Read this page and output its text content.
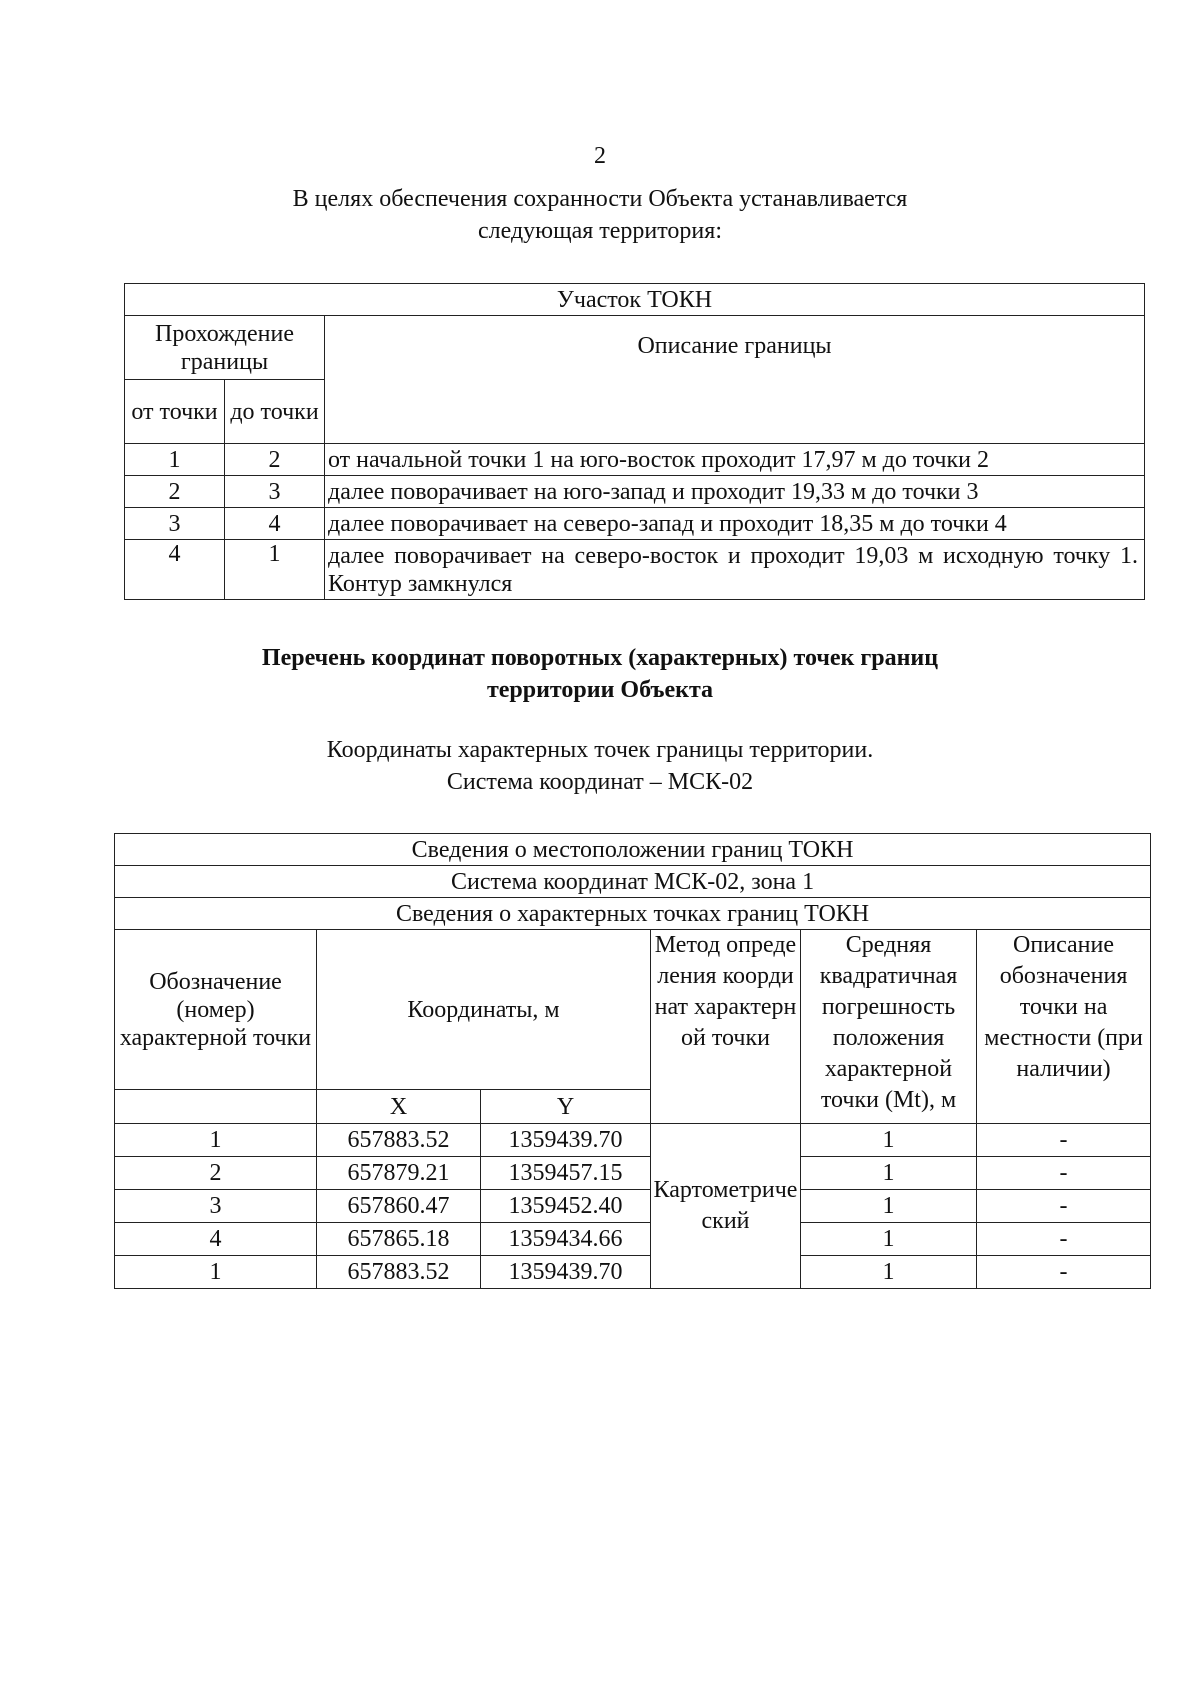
2
В целях обеспечения сохранности Объекта устанавливается
следующая территория:
Участок ТОКН		
Прохождение границы		Описание границы
от точки	до точки	
1	2	от начальной точки 1 на юго-восток проходит 17,97 м до точки 2
2	3	далее поворачивает на юго-запад и проходит 19,33 м до точки 3
3	4	далее поворачивает на северо-запад и проходит 18,35 м до точки 4
4	1	далее поворачивает на северо-восток и проходит 19,03 м исходную точку 1. Контур замкнулся
Перечень координат поворотных (характерных) точек границ
территории Объекта
Координаты характерных точек границы территории.
Система координат – МСК-02
Сведения о местоположении границ ТОКН					
Система координат МСК-02, зона 1					
Сведения о характерных точках границ ТОКН					
Обозначение (номер) характерной точки	Координаты, м		Метод определения координат характерной точки	Средняя квадратичная погрешность положения характерной точки (Mt), м	Описание обозначения точки на местности (при наличии)
	X	Y			
1	657883.52	1359439.70	Картометрический	1	-
2	657879.21	1359457.15		1	-
3	657860.47	1359452.40		1	-
4	657865.18	1359434.66		1	-
1	657883.52	1359439.70		1	-
